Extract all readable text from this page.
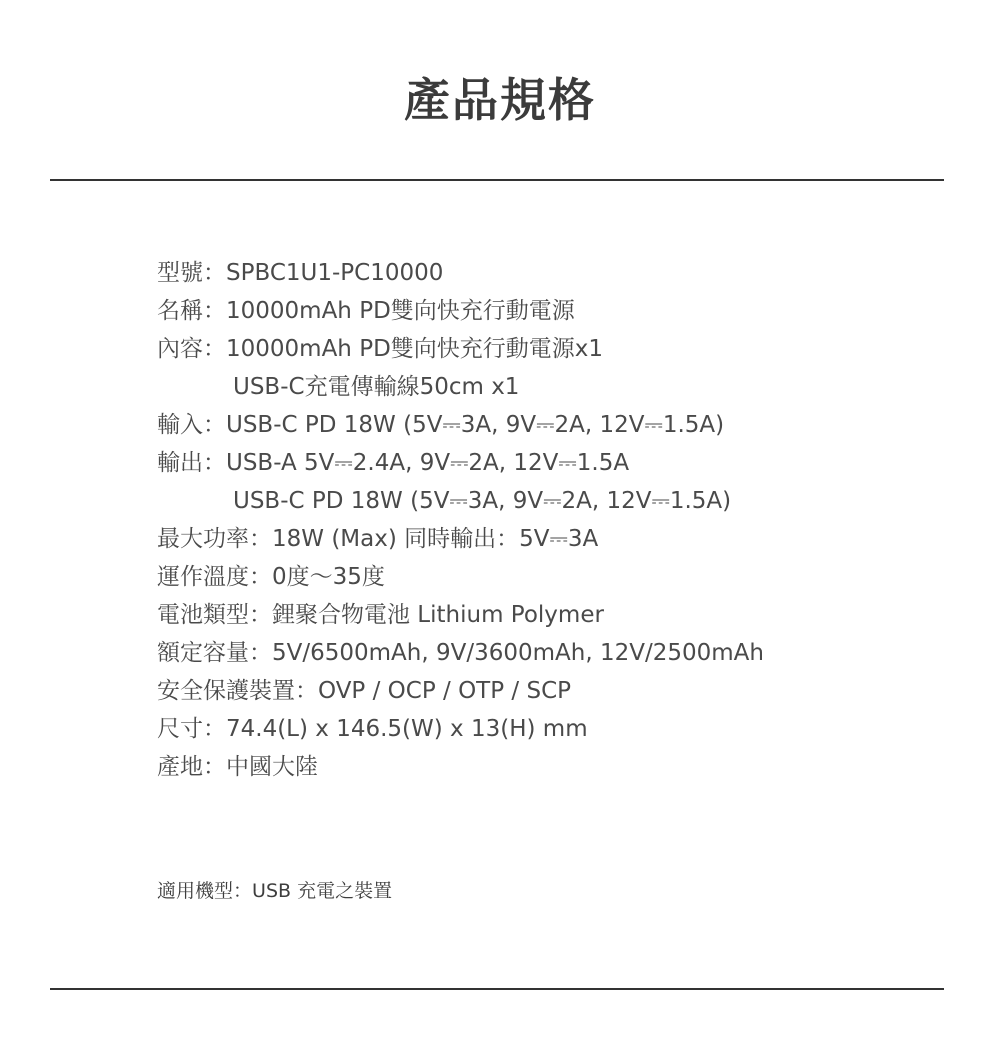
產品規格
型號 ： SPBC1U1-PC10000
名稱 ： 10000mAh PD雙向快充行動電源
內容 ： 10000mAh PD雙向快充行動電源x1
USB-C充電傳輸線50cm x1
輸入 ： USB-C PD 18W (5V⎓3A, 9V⎓2A, 12V⎓1.5A)
輸出 ： USB-A 5V⎓2.4A, 9V⎓2A, 12V⎓1.5A
USB-C PD 18W (5V⎓3A, 9V⎓2A, 12V⎓1.5A)
最大功率 ： 18W (Max) 同時輸出：5V⎓3A
運作溫度 ： 0度～35度
電池類型 ： 鋰聚合物電池 Lithium Polymer
額定容量 ： 5V/6500mAh, 9V/3600mAh, 12V/2500mAh
安全保護裝置 ： OVP / OCP / OTP / SCP
尺寸 ： 74.4(L) x 146.5(W) x 13(H) mm
產地 ： 中國大陸
適用機型：USB 充電之裝置
